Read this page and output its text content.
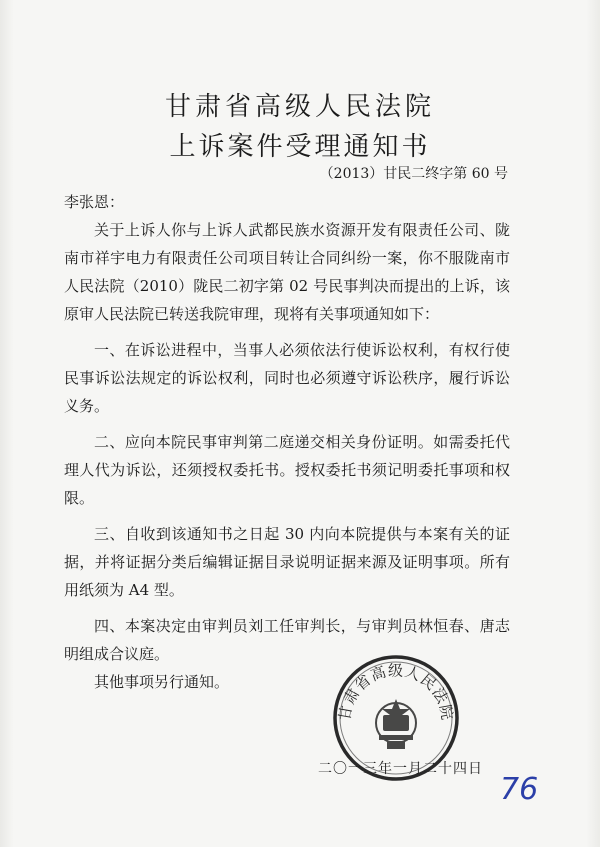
甘肃省高级人民法院
上诉案件受理通知书
（2013）甘民二终字第 60 号

李张恩：

关于上诉人你与上诉人武都民族水资源开发有限责任公司、陇南市祥宇电力有限责任公司项目转让合同纠纷一案，你不服陇南市人民法院（2010）陇民二初字第 02 号民事判决而提出的上诉，该原审人民法院已转送我院审理，现将有关事项通知如下：

一、在诉讼进程中，当事人必须依法行使诉讼权利，有权行使民事诉讼法规定的诉讼权利，同时也必须遵守诉讼秩序，履行诉讼义务。

二、应向本院民事审判第二庭递交相关身份证明。如需委托代理人代为诉讼，还须授权委托书。授权委托书须记明委托事项和权限。

三、自收到该通知书之日起 30 内向本院提供与本案有关的证据，并将证据分类后编辑证据目录说明证据来源及证明事项。所有用纸须为 A4 型。

四、本案决定由审判员刘工任审判长，与审判员林恒春、唐志明组成合议庭。

其他事项另行通知。

甘肃省高级人民法院
二〇一三年一月二十四日
76
